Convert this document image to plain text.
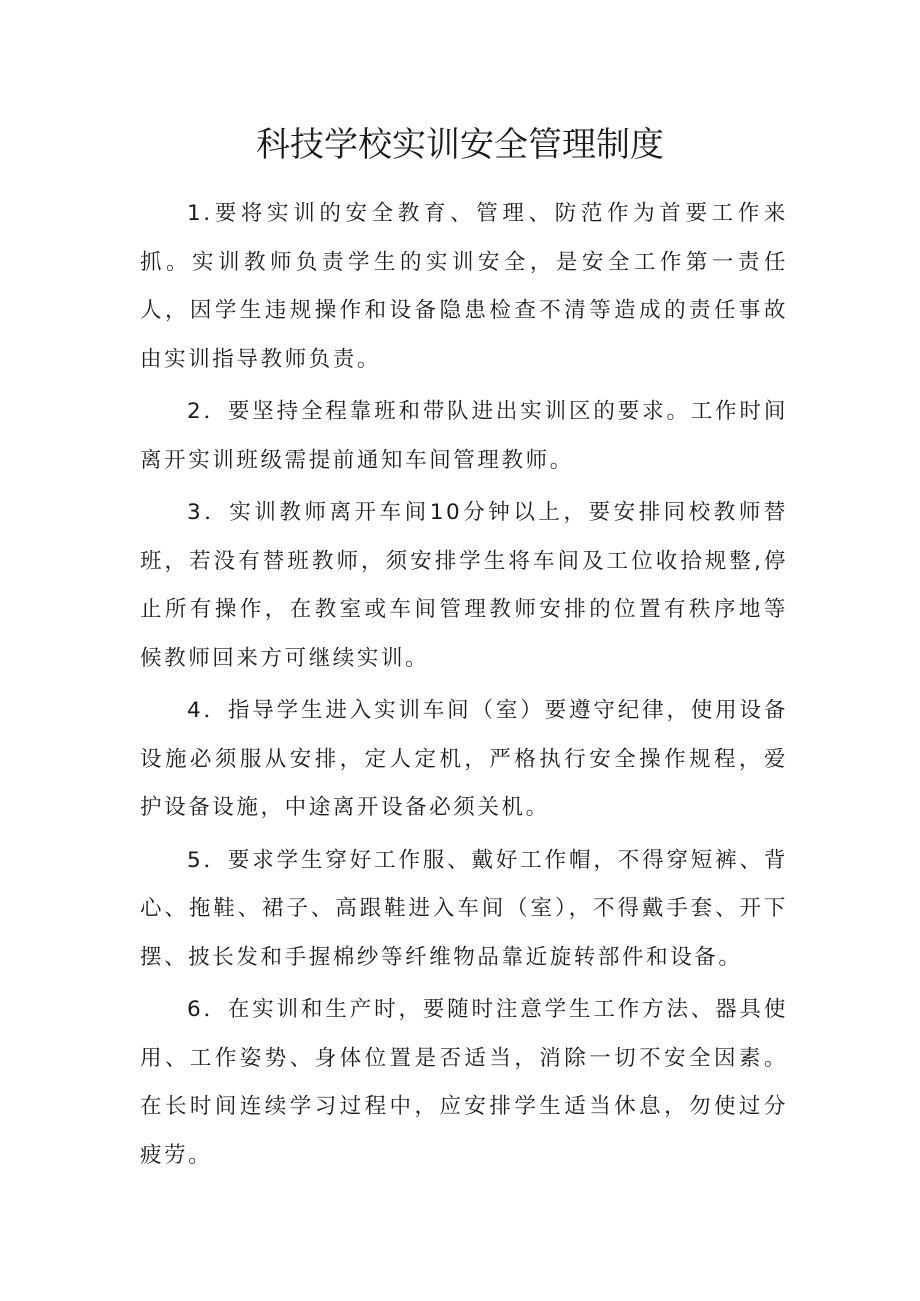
科技学校实训安全管理制度

1.要将实训的安全教育、管理、防范作为首要工作来抓。实训教师负责学生的实训安全，是安全工作第一责任人，因学生违规操作和设备隐患检查不清等造成的责任事故由实训指导教师负责。

2．要坚持全程靠班和带队进出实训区的要求。工作时间离开实训班级需提前通知车间管理教师。

3．实训教师离开车间10分钟以上，要安排同校教师替班，若没有替班教师，须安排学生将车间及工位收拾规整,停止所有操作，在教室或车间管理教师安排的位置有秩序地等候教师回来方可继续实训。

4．指导学生进入实训车间（室）要遵守纪律，使用设备设施必须服从安排，定人定机，严格执行安全操作规程，爱护设备设施，中途离开设备必须关机。

5．要求学生穿好工作服、戴好工作帽，不得穿短裤、背心、拖鞋、裙子、高跟鞋进入车间（室），不得戴手套、开下摆、披长发和手握棉纱等纤维物品靠近旋转部件和设备。

6．在实训和生产时，要随时注意学生工作方法、器具使用、工作姿势、身体位置是否适当，消除一切不安全因素。在长时间连续学习过程中，应安排学生适当休息，勿使过分疲劳。
